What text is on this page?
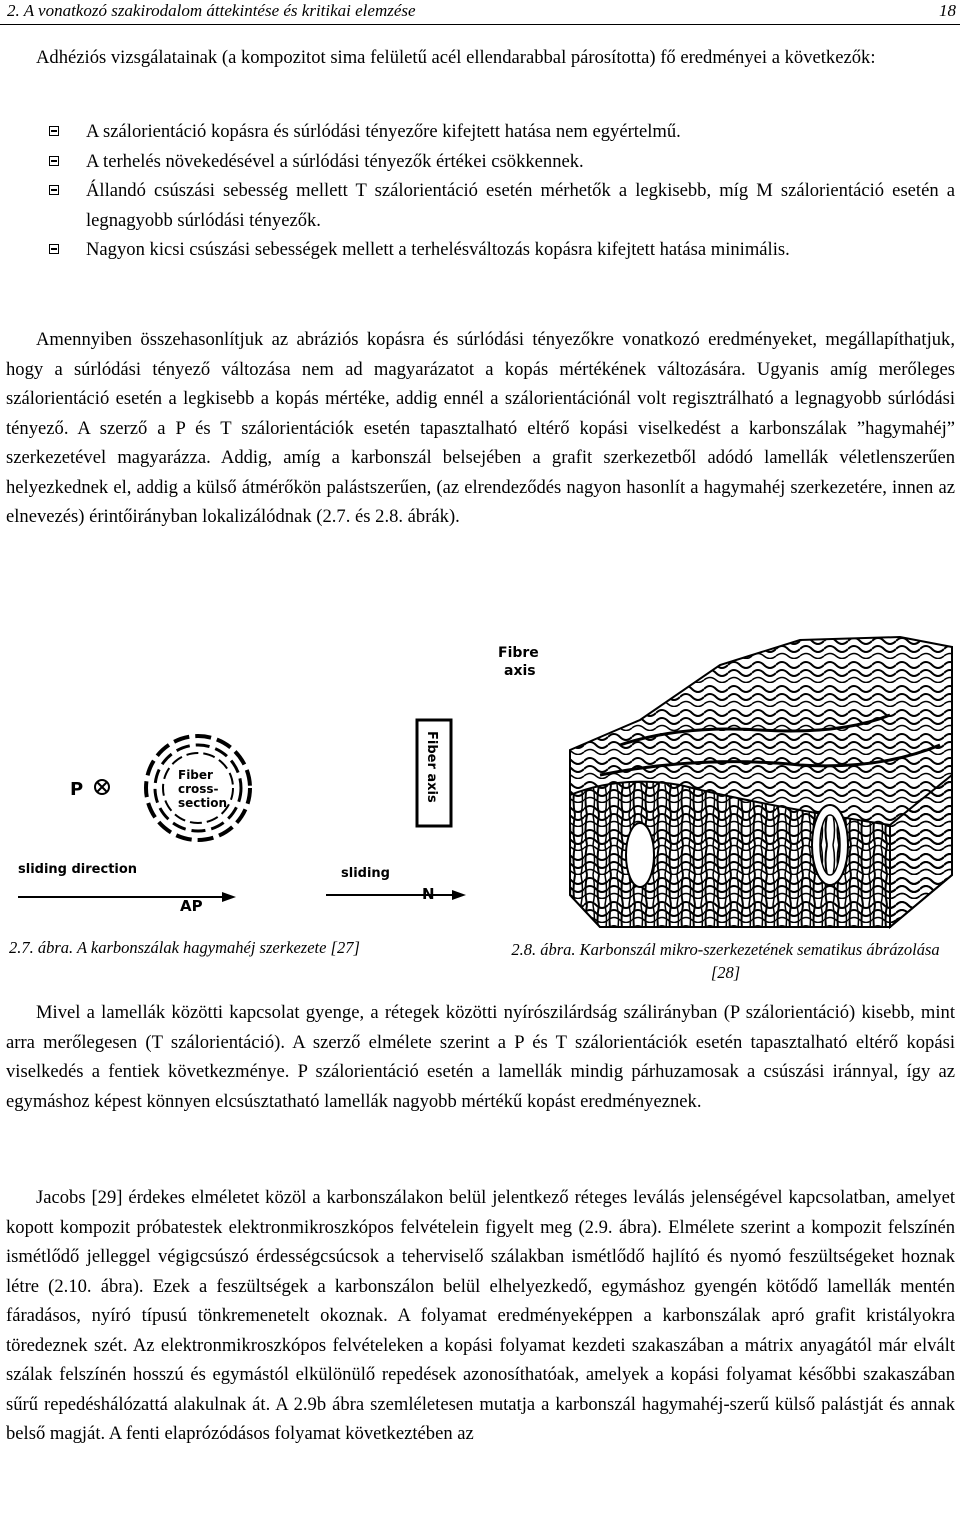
2. A vonatkozó szakirodalom áttekintése és kritikai elemzése	18
Adhéziós vizsgálatainak (a kompozitot sima felületű acél ellendarabbal párosította) fő eredményei a következők:
A szálorientáció kopásra és súrlódási tényezőre kifejtett hatása nem egyértelmű.
A terhelés növekedésével a súrlódási tényezők értékei csökkennek.
Állandó csúszási sebesség mellett T szálorientáció esetén mérhetők a legkisebb, míg M szálorientáció esetén a legnagyobb súrlódási tényezők.
Nagyon kicsi csúszási sebességek mellett a terhelésváltozás kopásra kifejtett hatása minimális.
Amennyiben összehasonlítjuk az abráziós kopásra és súrlódási tényezőkre vonatkozó eredményeket, megállapíthatjuk, hogy a súrlódási tényező változása nem ad magyarázatot a kopás mértékének változására. Ugyanis amíg merőleges szálorientáció esetén a legkisebb a kopás mértéke, addig ennél a szálorientációnál volt regisztrálható a legnagyobb súrlódási tényező. A szerző a P és T szálorientációk esetén tapasztalható eltérő kopási viselkedést a karbonszálak ”hagymahéj” szerkezetével magyarázza. Addig, amíg a karbonszál belsejében a grafit szerkezetből adódó lamellák véletlenszerűen helyezkednek el, addig a külső átmérőkön palástszerűen, (az elrendeződés nagyon hasonlít a hagymahéj szerkezetére, innen az elnevezés) érintőirányban lokalizálódnak (2.7. és 2.8. ábrák).
P
Fiber
cross-
section
sliding direction
AP
Fiber axis
sliding
N
Fibre
axis
2.7. ábra. A karbonszálak hagymahéj szerkezete [27]	2.8. ábra. Karbonszál mikro-szerkezetének sematikus ábrázolása [28]
Mivel a lamellák közötti kapcsolat gyenge, a rétegek közötti nyírószilárdság szálirányban (P szálorientáció) kisebb, mint arra merőlegesen (T szálorientáció). A szerző elmélete szerint a P és T szálorientációk esetén tapasztalható eltérő kopási viselkedés a fentiek következménye. P szálorientáció esetén a lamellák mindig párhuzamosak a csúszási iránnyal, így az egymáshoz képest könnyen elcsúsztatható lamellák nagyobb mértékű kopást eredményeznek.
Jacobs [29] érdekes elméletet közöl a karbonszálakon belül jelentkező réteges leválás jelenségével kapcsolatban, amelyet kopott kompozit próbatestek elektronmikroszkópos felvételein figyelt meg (2.9. ábra). Elmélete szerint a kompozit felszínén ismétlődő jelleggel végigcsúszó érdességcsúcsok a teherviselő szálakban ismétlődő hajlító és nyomó feszültségeket hoznak létre (2.10. ábra). Ezek a feszültségek a karbonszálon belül elhelyezkedő, egymáshoz gyengén kötődő lamellák mentén fáradásos, nyíró típusú tönkremenetelt okoznak. A folyamat eredményeképpen a karbonszálak apró grafit kristályokra töredeznek szét. Az elektronmikroszkópos felvételeken a kopási folyamat kezdeti szakaszában a mátrix anyagától már elvált szálak felszínén hosszú és egymástól elkülönülő repedések azonosíthatóak, amelyek a kopási folyamat későbbi szakaszában sűrű repedéshálózattá alakulnak át. A 2.9b ábra szemléletesen mutatja a karbonszál hagymahéj-szerű külső palástját és annak belső magját. A fenti elaprózódásos folyamat következtében az
